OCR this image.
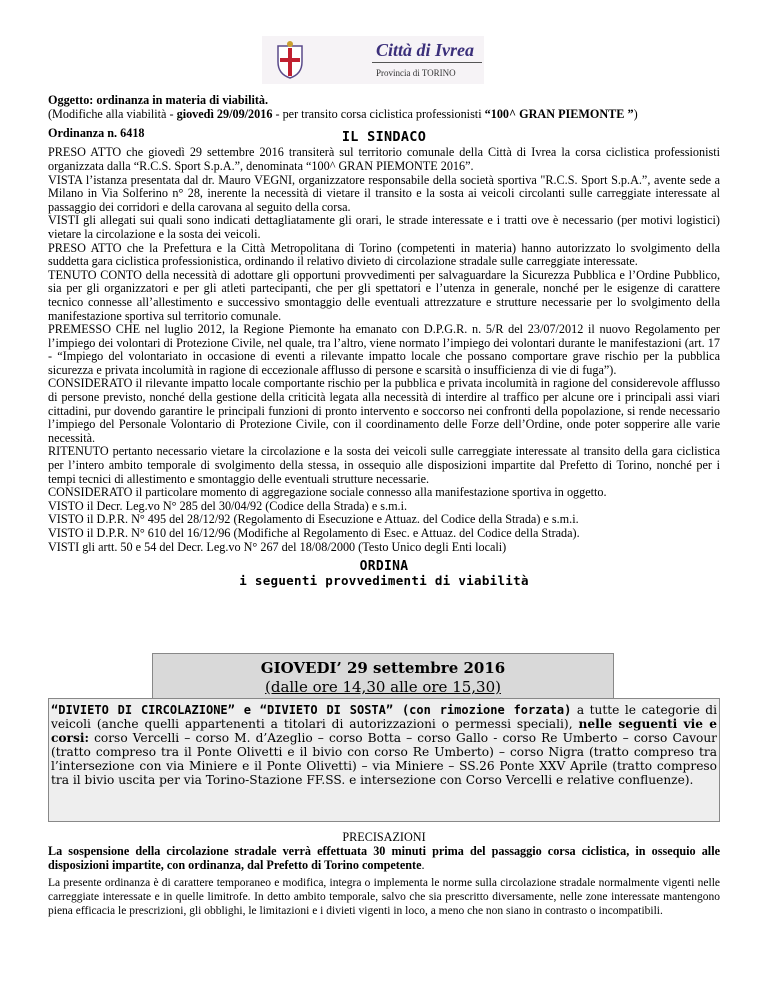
Città di Ivrea
Provincia di TORINO

Oggetto: ordinanza in materia di viabilità.

(Modifiche alla viabilità - giovedì 29/09/2016 - per transito corsa ciclistica professionisti “100^ GRAN PIEMONTE ”)

Ordinanza n. 6418	IL SINDACO

PRESO ATTO che giovedì 29 settembre 2016 transiterà sul territorio comunale della Città di Ivrea la corsa ciclistica professionisti organizzata dalla “R.C.S. Sport S.p.A.”, denominata “100^ GRAN PIEMONTE 2016”.

VISTA l’istanza presentata dal dr. Mauro VEGNI, organizzatore responsabile della società sportiva "R.C.S. Sport S.p.A.”, avente sede a Milano in Via Solferino n° 28, inerente la necessità di vietare il transito e la sosta ai veicoli circolanti sulle carreggiate interessate al passaggio dei corridori e della carovana al seguito della corsa.

VISTI gli allegati sui quali sono indicati dettagliatamente gli orari, le strade interessate e i tratti ove è necessario (per motivi logistici) vietare la circolazione e la sosta dei veicoli.

PRESO ATTO che la Prefettura e la Città Metropolitana di Torino (competenti in materia) hanno autorizzato lo svolgimento della suddetta gara ciclistica professionistica, ordinando il relativo divieto di circolazione stradale sulle carreggiate interessate.

TENUTO CONTO della necessità di adottare gli opportuni provvedimenti per salvaguardare la Sicurezza Pubblica e l’Ordine Pubblico, sia per gli organizzatori e per gli atleti partecipanti, che per gli spettatori e l’utenza in generale, nonché per le esigenze di carattere tecnico connesse all’allestimento e successivo smontaggio delle eventuali attrezzature e strutture necessarie per lo svolgimento della manifestazione sportiva sul territorio comunale.

PREMESSO CHE nel luglio 2012, la Regione Piemonte ha emanato con D.P.G.R. n. 5/R del 23/07/2012 il nuovo Regolamento per l’impiego dei volontari di Protezione Civile, nel quale, tra l’altro, viene normato l’impiego dei volontari durante le manifestazioni (art. 17 - “Impiego del volontariato in occasione di eventi a rilevante impatto locale che possano comportare grave rischio per la pubblica sicurezza e privata incolumità in ragione di eccezionale afflusso di persone e scarsità o insufficienza di vie di fuga”).

CONSIDERATO il rilevante impatto locale comportante rischio per la pubblica e privata incolumità in ragione del considerevole afflusso di persone previsto, nonché della gestione della criticità legata alla necessità di interdire al traffico per alcune ore i principali assi viari cittadini, pur dovendo garantire le principali funzioni di pronto intervento e soccorso nei confronti della popolazione, si rende necessario l’impiego del Personale Volontario di Protezione Civile, con il coordinamento delle Forze dell’Ordine, onde poter sopperire alle varie necessità.

RITENUTO pertanto necessario vietare la circolazione e la sosta dei veicoli sulle carreggiate interessate al transito della gara ciclistica per l’intero ambito temporale di svolgimento della stessa, in ossequio alle disposizioni impartite dal Prefetto di Torino, nonché per i tempi tecnici di allestimento e smontaggio delle eventuali strutture necessarie.

CONSIDERATO il particolare momento di aggregazione sociale connesso alla manifestazione sportiva in oggetto.

VISTO il Decr. Leg.vo N° 285 del 30/04/92 (Codice della Strada) e s.m.i.

VISTO il D.P.R. N° 495 del 28/12/92 (Regolamento di Esecuzione e Attuaz. del Codice della Strada) e s.m.i.

VISTO il D.P.R. N° 610 del 16/12/96 (Modifiche al Regolamento di Esec. e Attuaz. del Codice della Strada).

VISTI gli artt. 50 e 54 del Decr. Leg.vo N° 267 del 18/08/2000 (Testo Unico degli Enti locali)

ORDINA

i seguenti provvedimenti di viabilità

GIOVEDI’ 29 settembre 2016
(dalle ore 14,30 alle ore 15,30)
“DIVIETO DI CIRCOLAZIONE” e “DIVIETO DI SOSTA” (con rimozione forzata) a tutte le categorie di veicoli (anche quelli appartenenti a titolari di autorizzazioni o permessi speciali), nelle seguenti vie e corsi: corso Vercelli – corso M. d’Azeglio – corso Botta – corso Gallo - corso Re Umberto – corso Cavour (tratto compreso tra il Ponte Olivetti e il bivio con corso Re Umberto) – corso Nigra (tratto compreso tra l’intersezione con via Miniere e il Ponte Olivetti) – via Miniere – SS.26 Ponte XXV Aprile (tratto compreso tra il bivio uscita per via Torino-Stazione FF.SS. e intersezione con Corso Vercelli e relative confluenze).

PRECISAZIONI

La sospensione della circolazione stradale verrà effettuata 30 minuti prima del passaggio corsa ciclistica, in ossequio alle disposizioni impartite, con ordinanza, dal Prefetto di Torino competente.

La presente ordinanza è di carattere temporaneo e modifica, integra o implementa le norme sulla circolazione stradale normalmente vigenti nelle carreggiate interessate e in quelle limitrofe. In detto ambito temporale, salvo che sia prescritto diversamente, nelle zone interessate mantengono piena efficacia le prescrizioni, gli obblighi, le limitazioni e i divieti vigenti in loco, a meno che non siano in contrasto o incompatibili.
